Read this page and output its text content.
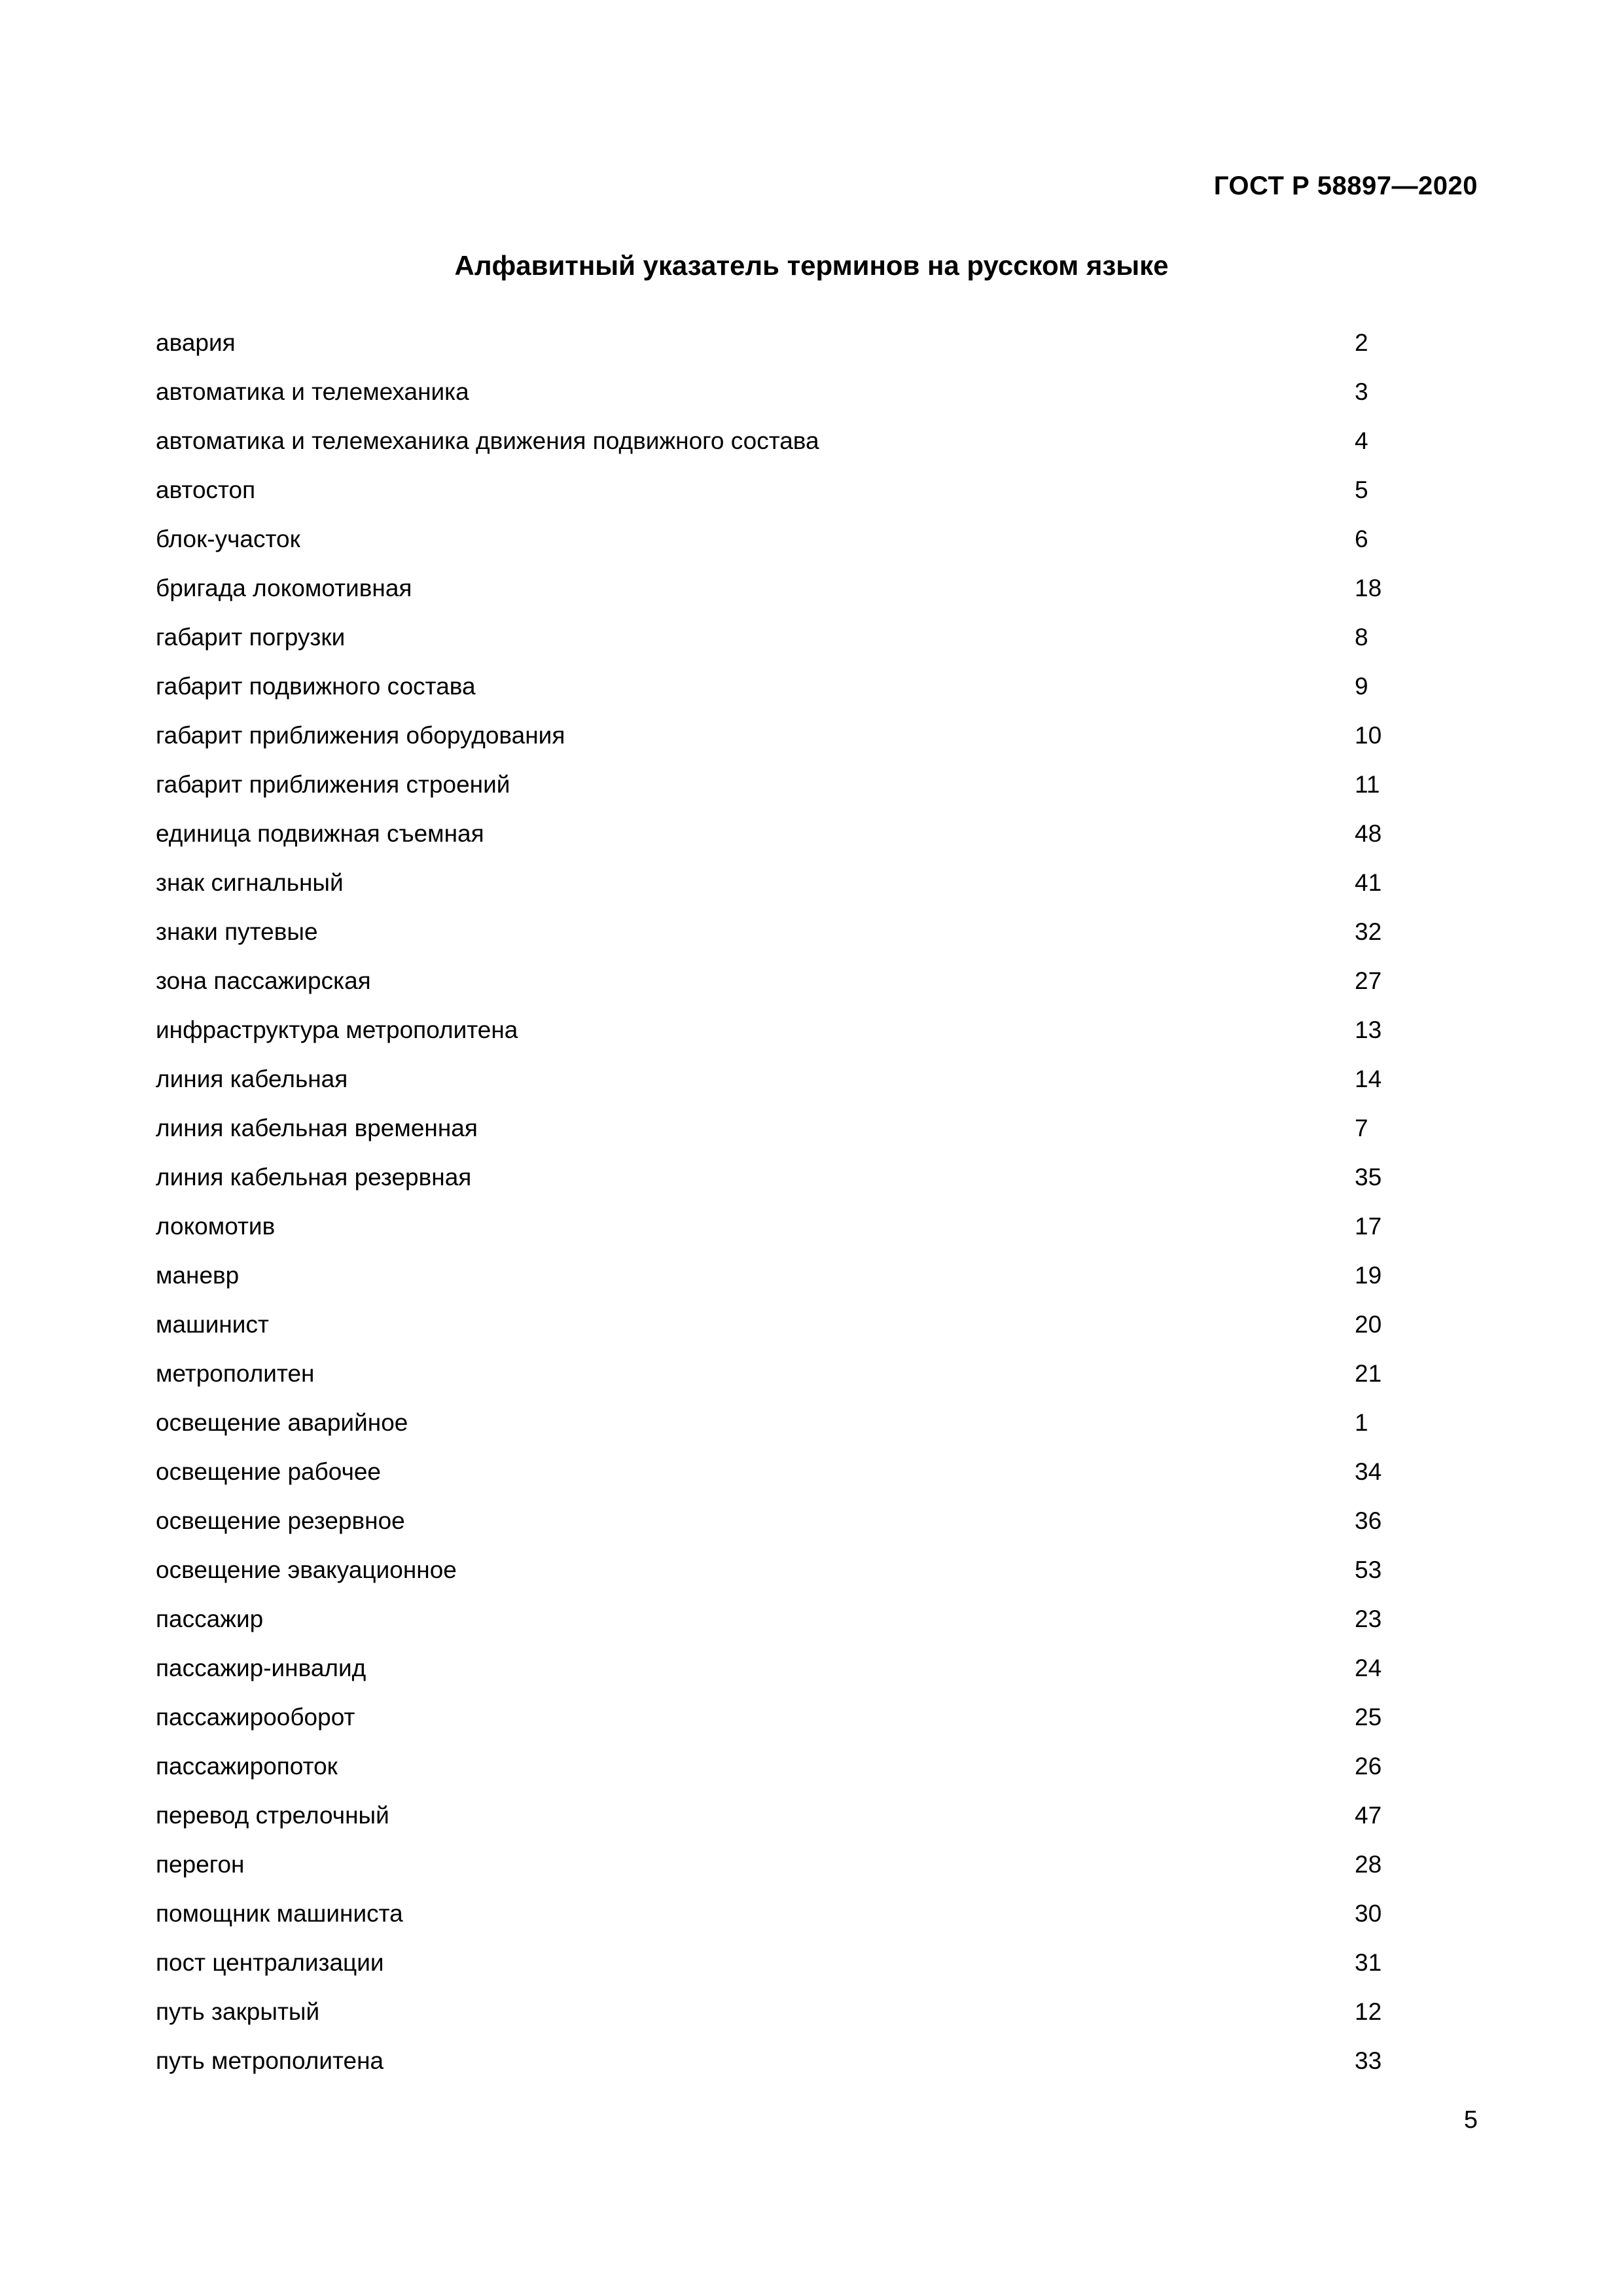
ГОСТ Р 58897—2020
Алфавитный указатель терминов на русском языке
авария	2
автоматика и телемеханика	3
автоматика и телемеханика движения подвижного состава	4
автостоп	5
блок-участок	6
бригада локомотивная	18
габарит погрузки	8
габарит подвижного состава	9
габарит приближения оборудования	10
габарит приближения строений	11
единица подвижная съемная	48
знак сигнальный	41
знаки путевые	32
зона пассажирская	27
инфраструктура метрополитена	13
линия кабельная	14
линия кабельная временная	7
линия кабельная резервная	35
локомотив	17
маневр	19
машинист	20
метрополитен	21
освещение аварийное	1
освещение рабочее	34
освещение резервное	36
освещение эвакуационное	53
пассажир	23
пассажир-инвалид	24
пассажирооборот	25
пассажиропоток	26
перевод стрелочный	47
перегон	28
помощник машиниста	30
пост централизации	31
путь закрытый	12
путь метрополитена	33
5
